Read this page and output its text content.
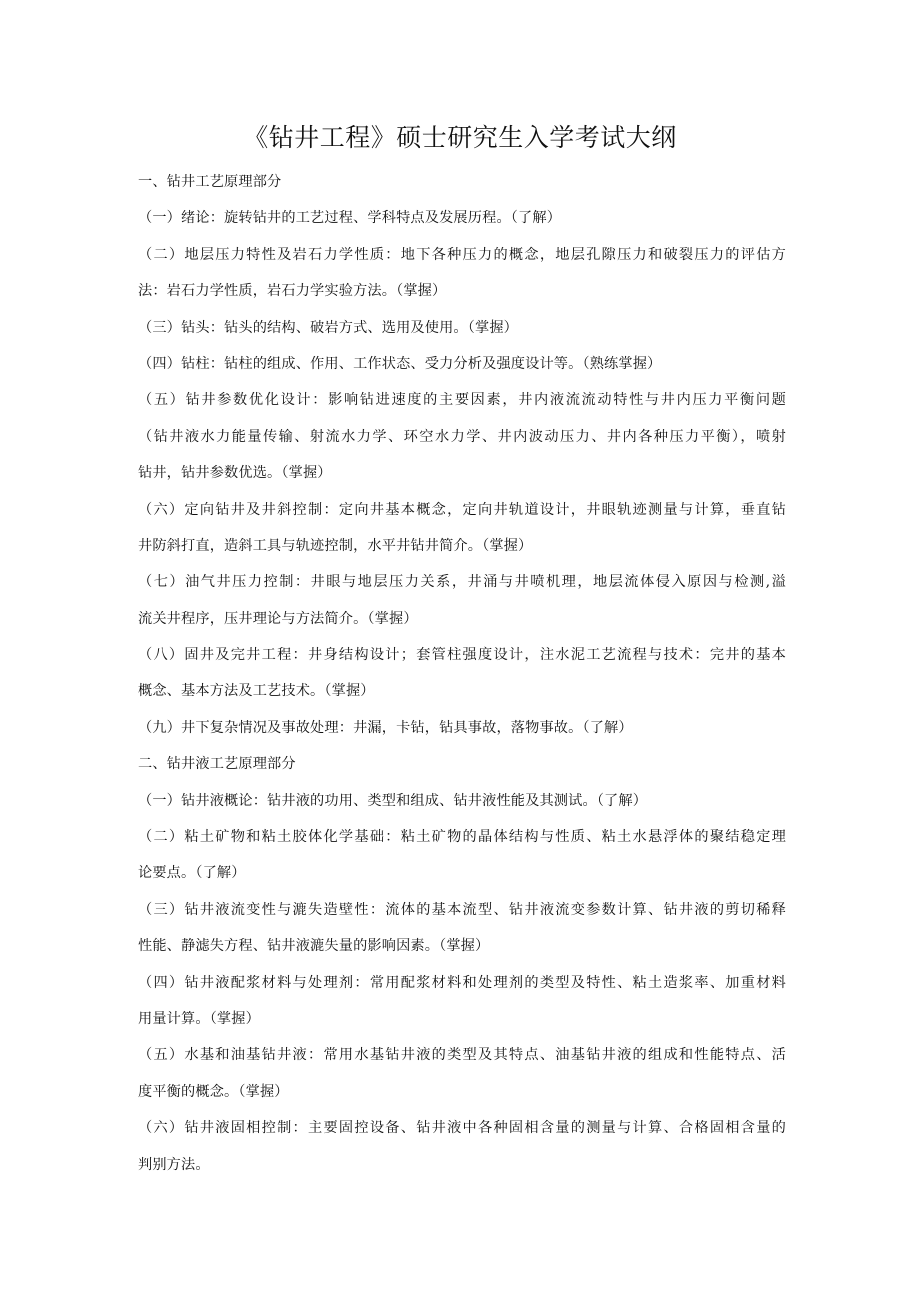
《钻井工程》硕士研究生入学考试大纲
一、钻井工艺原理部分
（一）绪论：旋转钻井的工艺过程、学科特点及发展历程。（了解）
（二）地层压力特性及岩石力学性质：地下各种压力的概念，地层孔隙压力和破裂压力的评估方
法：岩石力学性质，岩石力学实验方法。（掌握）
（三）钻头：钻头的结构、破岩方式、选用及使用。（掌握）
（四）钻柱：钻柱的组成、作用、工作状态、受力分析及强度设计等。（熟练掌握）
（五）钻井参数优化设计：影响钻进速度的主要因素，井内液流流动特性与井内压力平衡问题
（钻井液水力能量传输、射流水力学、环空水力学、井内波动压力、井内各种压力平衡），喷射
钻井，钻井参数优选。（掌握）
（六）定向钻井及井斜控制：定向井基本概念，定向井轨道设计，井眼轨迹测量与计算，垂直钻
井防斜打直，造斜工具与轨迹控制，水平井钻井简介。（掌握）
（七）油气井压力控制：井眼与地层压力关系，井涌与井喷机理，地层流体侵入原因与检测,溢
流关井程序，压井理论与方法简介。（掌握）
（八）固井及完井工程：井身结构设计；套管柱强度设计，注水泥工艺流程与技术：完井的基本
概念、基本方法及工艺技术。（掌握）
（九）井下复杂情况及事故处理：井漏，卡钻，钻具事故，落物事故。（了解）
二、钻井液工艺原理部分
（一）钻井液概论：钻井液的功用、类型和组成、钻井液性能及其测试。（了解）
（二）粘土矿物和粘土胶体化学基础：粘土矿物的晶体结构与性质、粘土水悬浮体的聚结稳定理
论要点。（了解）
（三）钻井液流变性与漉失造壁性：流体的基本流型、钻井液流变参数计算、钻井液的剪切稀释
性能、静滤失方程、钻井液漉失量的影响因素。（掌握）
（四）钻井液配浆材料与处理剂：常用配浆材料和处理剂的类型及特性、粘土造浆率、加重材料
用量计算。（掌握）
（五）水基和油基钻井液：常用水基钻井液的类型及其特点、油基钻井液的组成和性能特点、活
度平衡的概念。（掌握）
（六）钻井液固相控制：主要固控设备、钻井液中各种固相含量的测量与计算、合格固相含量的
判别方法。
